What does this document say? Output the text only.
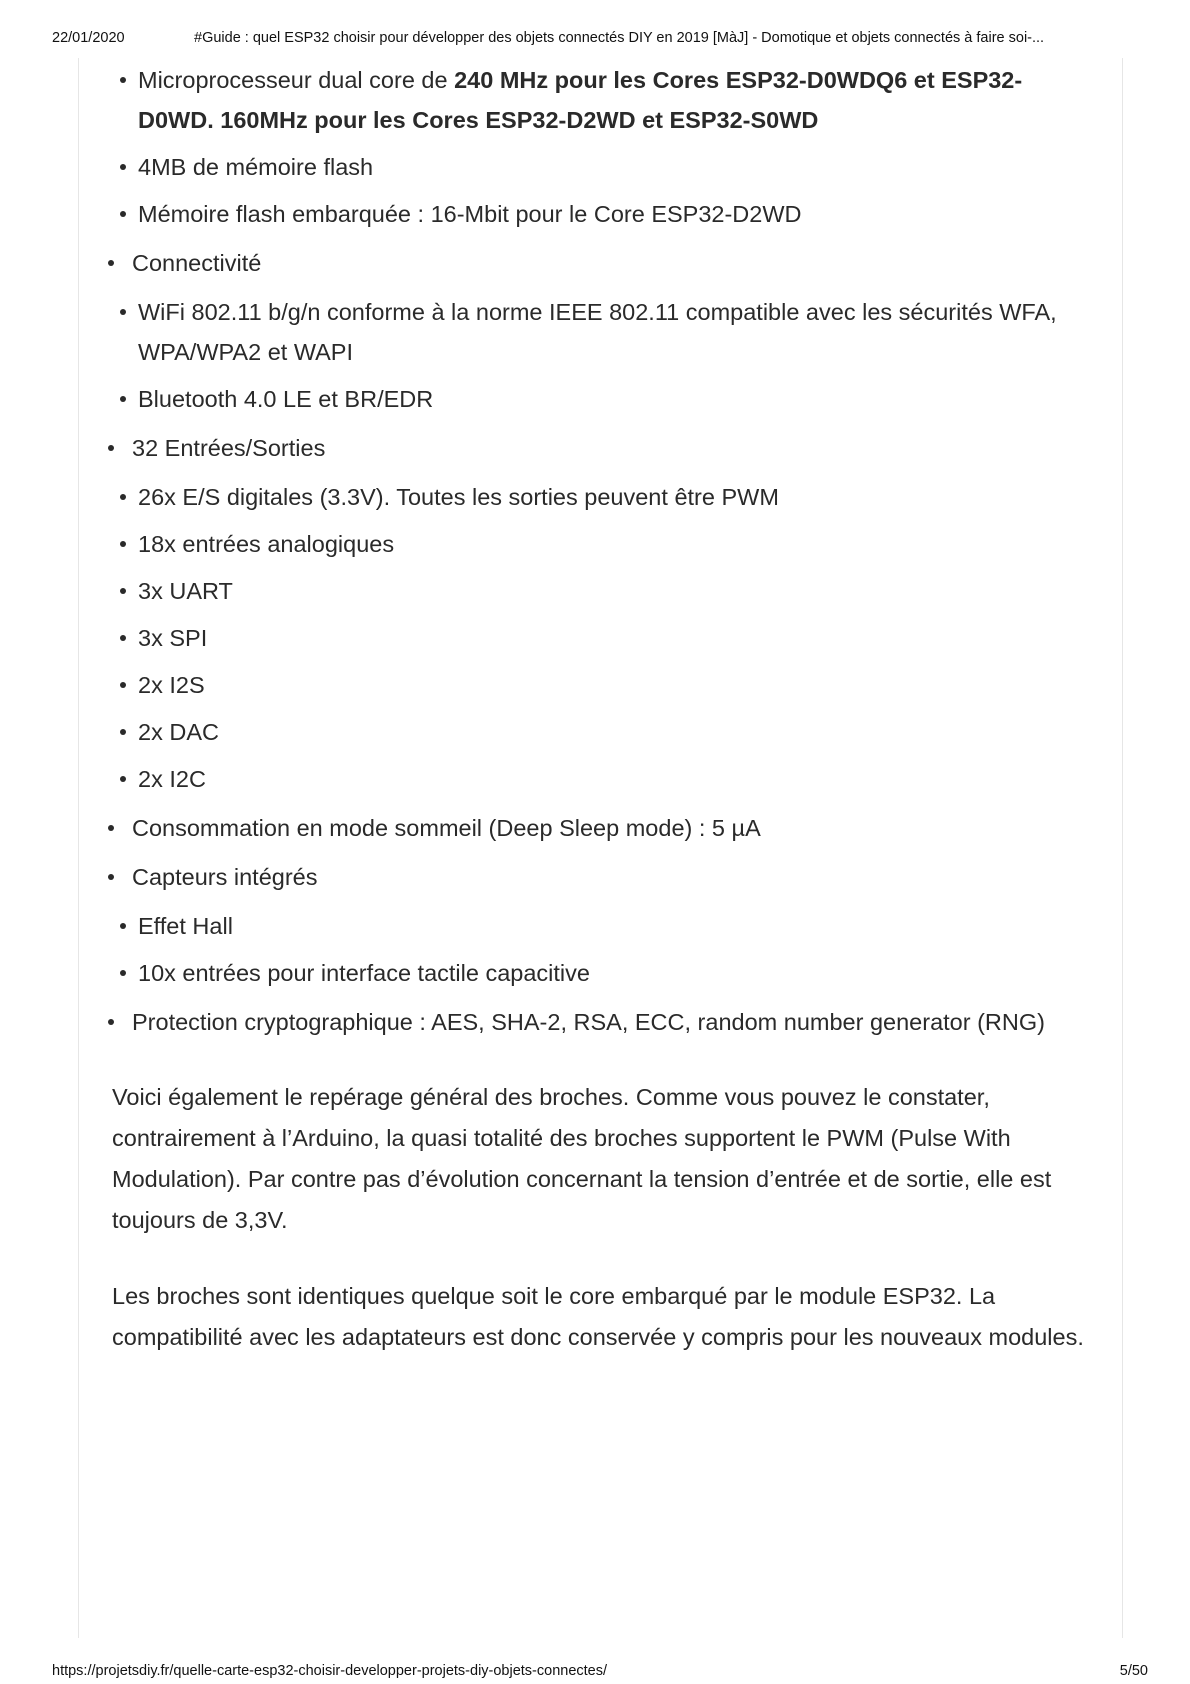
22/01/2020	#Guide : quel ESP32 choisir pour développer des objets connectés DIY en 2019 [MàJ] - Domotique et objets connectés à faire soi-...
Microprocesseur dual core de 240 MHz pour les Cores ESP32-D0WDQ6 et ESP32-D0WD. 160MHz pour les Cores ESP32-D2WD et ESP32-S0WD
4MB de mémoire flash
Mémoire flash embarquée : 16-Mbit pour le Core ESP32-D2WD
Connectivité
WiFi 802.11 b/g/n conforme à la norme IEEE 802.11 compatible avec les sécurités WFA, WPA/WPA2 et WAPI
Bluetooth 4.0 LE et BR/EDR
32 Entrées/Sorties
26x E/S digitales (3.3V). Toutes les sorties peuvent être PWM
18x entrées analogiques
3x UART
3x SPI
2x I2S
2x DAC
2x I2C
Consommation en mode sommeil (Deep Sleep mode) : 5 µA
Capteurs intégrés
Effet Hall
10x entrées pour interface tactile capacitive
Protection cryptographique : AES, SHA-2, RSA, ECC, random number generator (RNG)

Voici également le repérage général des broches. Comme vous pouvez le constater, contrairement à l’Arduino, la quasi totalité des broches supportent le PWM (Pulse With Modulation). Par contre pas d’évolution concernant la tension d’entrée et de sortie, elle est toujours de 3,3V.

Les broches sont identiques quelque soit le core embarqué par le module ESP32. La compatibilité avec les adaptateurs est donc conservée y compris pour les nouveaux modules.

https://projetsdiy.fr/quelle-carte-esp32-choisir-developper-projets-diy-objets-connectes/	5/50
